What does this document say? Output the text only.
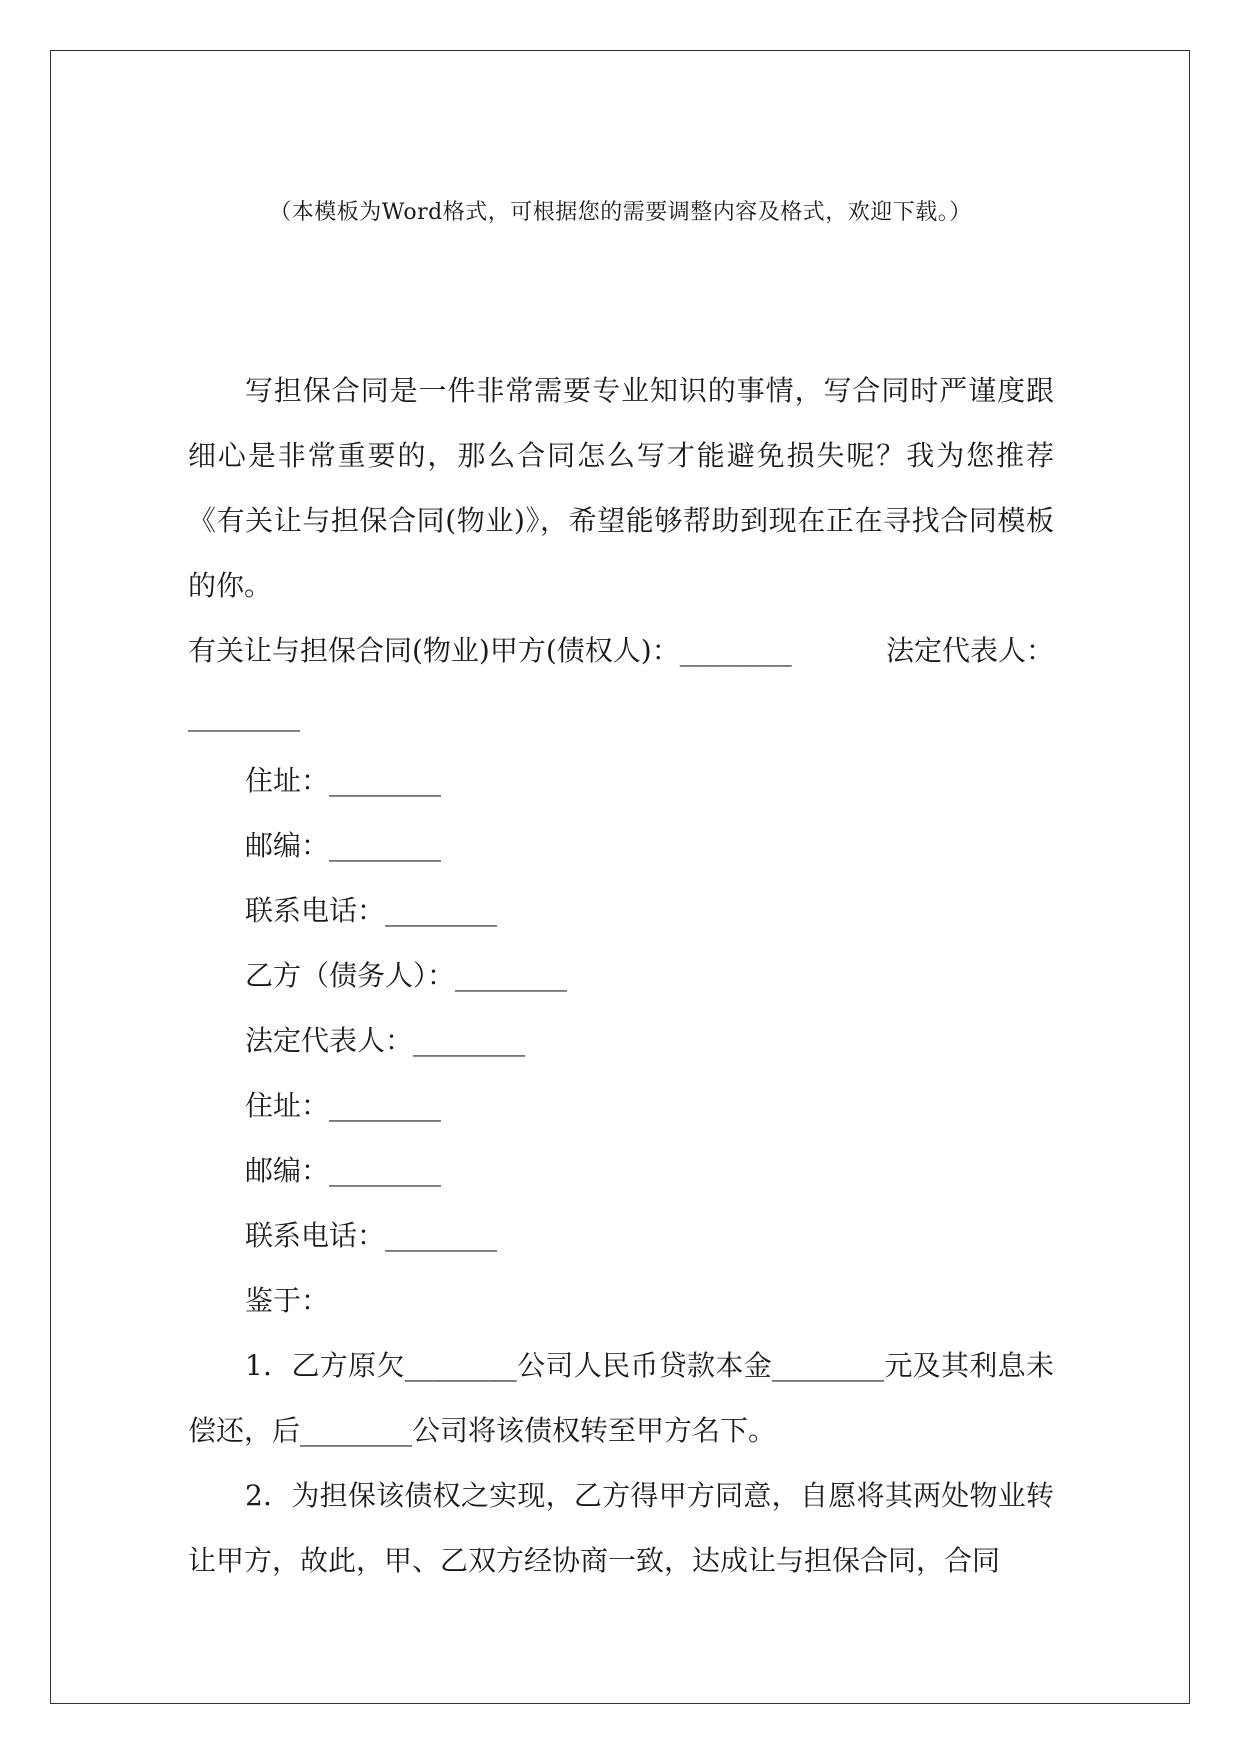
（本模板为Word格式，可根据您的需要调整内容及格式，欢迎下载。）

写担保合同是一件非常需要专业知识的事情，写合同时严谨度跟细心是非常重要的，那么合同怎么写才能避免损失呢？我为您推荐《有关让与担保合同(物业)》，希望能够帮助到现在正在寻找合同模板的你。

有关让与担保合同(物业)甲方(债权人)：________	法定代表人：

________

住址：________

邮编：________

联系电话：________

乙方（债务人）：________

法定代表人：________

住址：________

邮编：________

联系电话：________

鉴于：

1．乙方原欠________公司人民币贷款本金________元及其利息未偿还，后________公司将该债权转至甲方名下。

2．为担保该债权之实现，乙方得甲方同意，自愿将其两处物业转让甲方，故此，甲、乙双方经协商一致，达成让与担保合同，合同
